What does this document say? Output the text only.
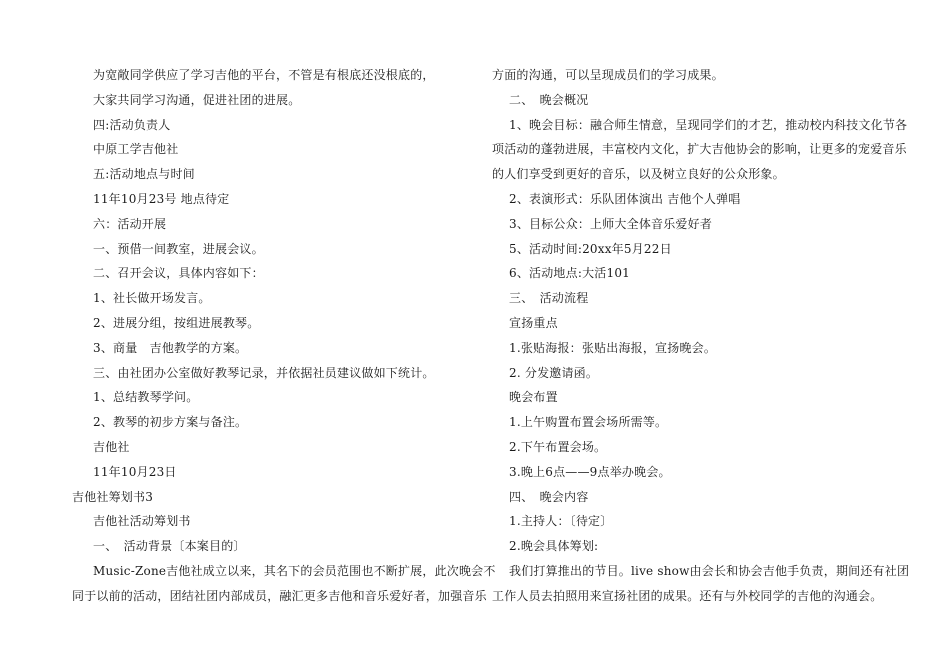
为宽敞同学供应了学习吉他的平台，不管是有根底还没根底的，
大家共同学习沟通，促进社团的进展。
四:活动负责人
中原工学吉他社
五:活动地点与时间
11年10月23号 地点待定
六：活动开展
一、预借一间教室，进展会议。
二、召开会议，具体内容如下：
1、社长做开场发言。
2、进展分组，按组进展教琴。
3、商量　吉他教学的方案。
三、由社团办公室做好教琴记录，并依据社员建议做如下统计。
1、总结教琴学问。
2、教琴的初步方案与备注。
吉他社
11年10月23日
吉他社筹划书3
吉他社活动筹划书
一、　活动背景〔本案目的〕
Music-Zone吉他社成立以来，其名下的会员范围也不断扩展，此次晚会不
同于以前的活动，团结社团内部成员，融汇更多吉他和音乐爱好者，加强音乐
方面的沟通，可以呈现成员们的学习成果。
二、　晚会概况
1、晚会目标：融合师生情意，呈现同学们的才艺，推动校内科技文化节各
项活动的蓬勃进展，丰富校内文化，扩大吉他协会的影响，让更多的宠爱音乐
的人们享受到更好的音乐，以及树立良好的公众形象。
2、表演形式：乐队团体演出 吉他个人弹唱
3、目标公众：上师大全体音乐爱好者
5、活动时间:20xx年5月22日
6、活动地点:大活101
三、　活动流程
宣扬重点
1.张贴海报：张贴出海报，宣扬晚会。
2. 分发邀请函。
晚会布置
1.上午购置布置会场所需等。
2.下午布置会场。
3.晚上6点——9点举办晚会。
四、　晚会内容
1.主持人：〔待定〕
2.晚会具体筹划:
我们打算推出的节目。live show由会长和协会吉他手负责，期间还有社团
工作人员去拍照用来宣扬社团的成果。还有与外校同学的吉他的沟通会。
